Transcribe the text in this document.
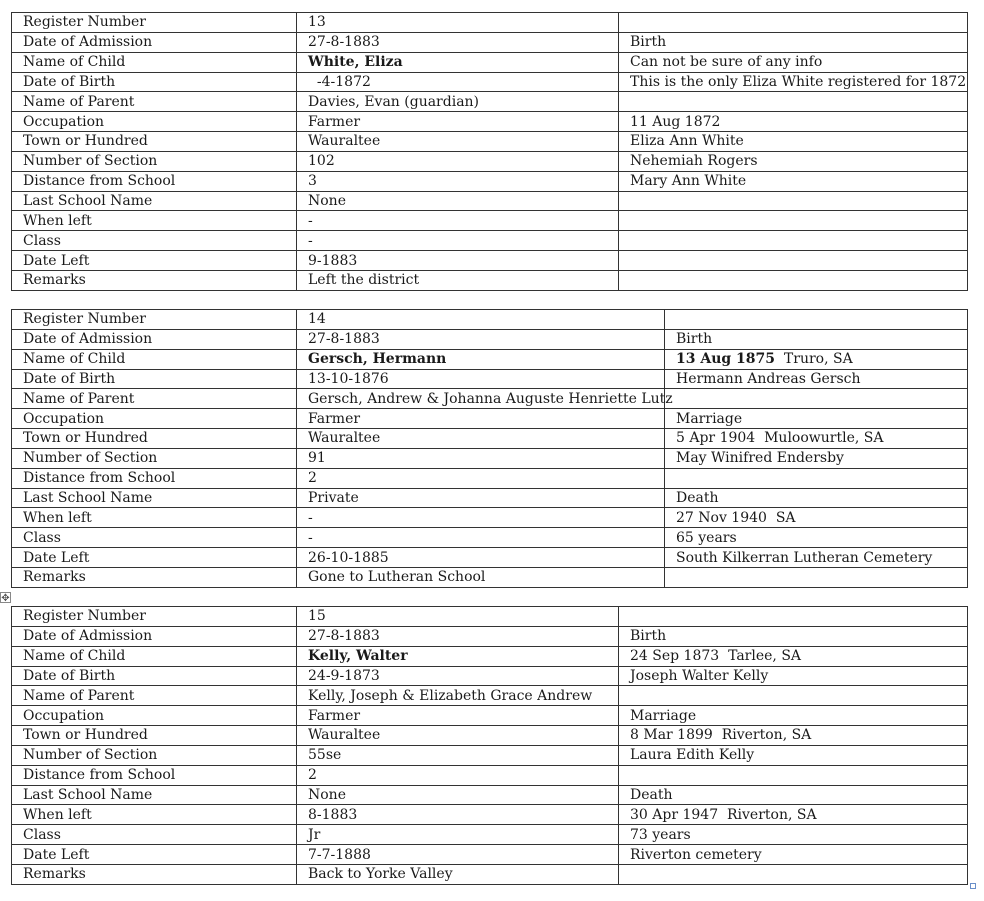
Register Number	13	
Date of Admission	27-8-1883	Birth
Name of Child	White, Eliza	Can not be sure of any info
Date of Birth	-4-1872	This is the only Eliza White registered for 1872
Name of Parent	Davies, Evan (guardian)	
Occupation	Farmer	11 Aug 1872
Town or Hundred	Wauraltee	Eliza Ann White
Number of Section	102	Nehemiah Rogers
Distance from School	3	Mary Ann White
Last School Name	None	
When left	-	
Class	-	
Date Left	9-1883	
Remarks	Left the district	
Register Number	14	
Date of Admission	27-8-1883	Birth
Name of Child	Gersch, Hermann	13 Aug 1875  Truro, SA
Date of Birth	13-10-1876	Hermann Andreas Gersch
Name of Parent	Gersch, Andrew & Johanna Auguste Henriette Lutz	
Occupation	Farmer	Marriage
Town or Hundred	Wauraltee	5 Apr 1904  Muloowurtle, SA
Number of Section	91	May Winifred Endersby
Distance from School	2	
Last School Name	Private	Death
When left	-	27 Nov 1940  SA
Class	-	65 years
Date Left	26-10-1885	South Kilkerran Lutheran Cemetery
Remarks	Gone to Lutheran School	
✥
Register Number	15	
Date of Admission	27-8-1883	Birth
Name of Child	Kelly, Walter	24 Sep 1873  Tarlee, SA
Date of Birth	24-9-1873	Joseph Walter Kelly
Name of Parent	Kelly, Joseph & Elizabeth Grace Andrew	
Occupation	Farmer	Marriage
Town or Hundred	Wauraltee	8 Mar 1899  Riverton, SA
Number of Section	55se	Laura Edith Kelly
Distance from School	2	
Last School Name	None	Death
When left	8-1883	30 Apr 1947  Riverton, SA
Class	Jr	73 years
Date Left	7-7-1888	Riverton cemetery
Remarks	Back to Yorke Valley	
